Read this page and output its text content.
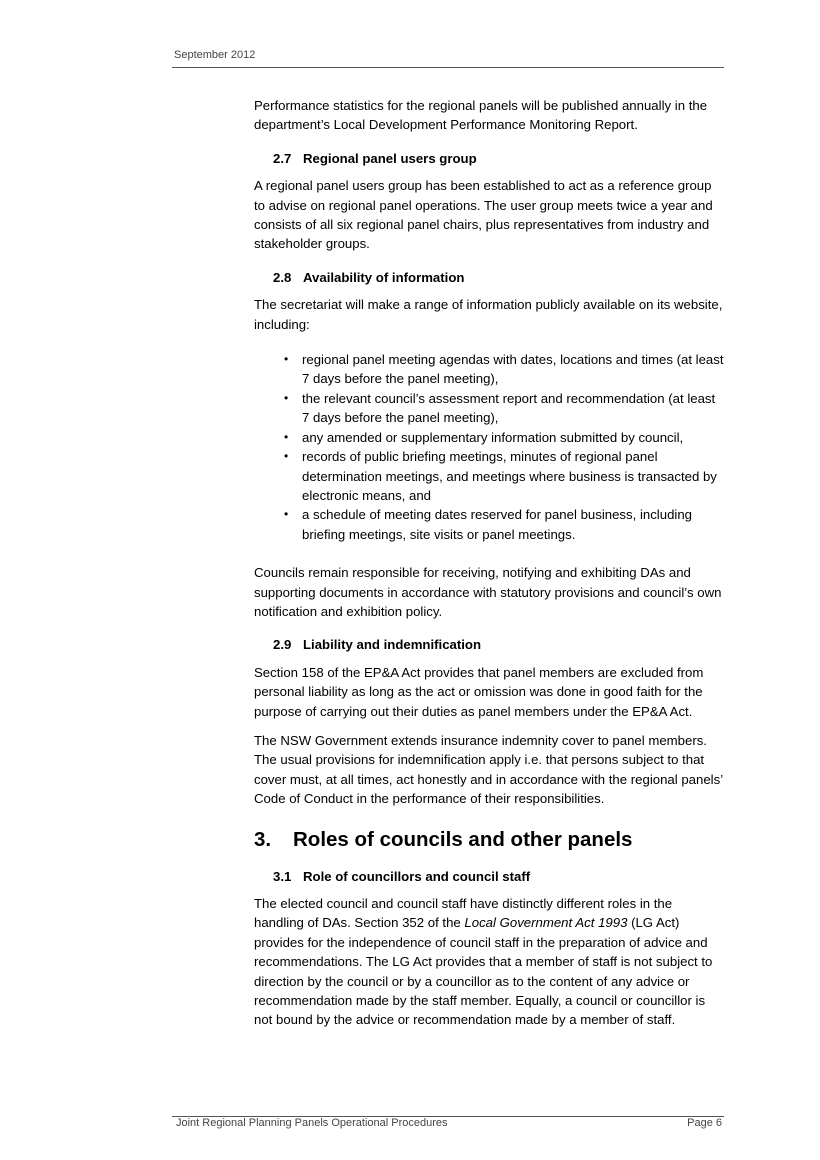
September 2012

Performance statistics for the regional panels will be published annually in the department’s Local Development Performance Monitoring Report.

2.7 Regional panel users group

A regional panel users group has been established to act as a reference group to advise on regional panel operations. The user group meets twice a year and consists of all six regional panel chairs, plus representatives from industry and stakeholder groups.

2.8 Availability of information

The secretariat will make a range of information publicly available on its website, including:

• regional panel meeting agendas with dates, locations and times (at least 7 days before the panel meeting),
• the relevant council’s assessment report and recommendation (at least 7 days before the panel meeting),
• any amended or supplementary information submitted by council,
• records of public briefing meetings, minutes of regional panel determination meetings, and meetings where business is transacted by electronic means, and
• a schedule of meeting dates reserved for panel business, including briefing meetings, site visits or panel meetings.

Councils remain responsible for receiving, notifying and exhibiting DAs and supporting documents in accordance with statutory provisions and council’s own notification and exhibition policy.

2.9 Liability and indemnification

Section 158 of the EP&A Act provides that panel members are excluded from personal liability as long as the act or omission was done in good faith for the purpose of carrying out their duties as panel members under the EP&A Act.

The NSW Government extends insurance indemnity cover to panel members. The usual provisions for indemnification apply i.e. that persons subject to that cover must, at all times, act honestly and in accordance with the regional panels’ Code of Conduct in the performance of their responsibilities.

3. Roles of councils and other panels
3.1 Role of councillors and council staff

The elected council and council staff have distinctly different roles in the handling of DAs. Section 352 of the Local Government Act 1993 (LG Act) provides for the independence of council staff in the preparation of advice and recommendations. The LG Act provides that a member of staff is not subject to direction by the council or by a councillor as to the content of any advice or recommendation made by the staff member. Equally, a council or councillor is not bound by the advice or recommendation made by a member of staff.

Joint Regional Planning Panels Operational Procedures	Page 6
